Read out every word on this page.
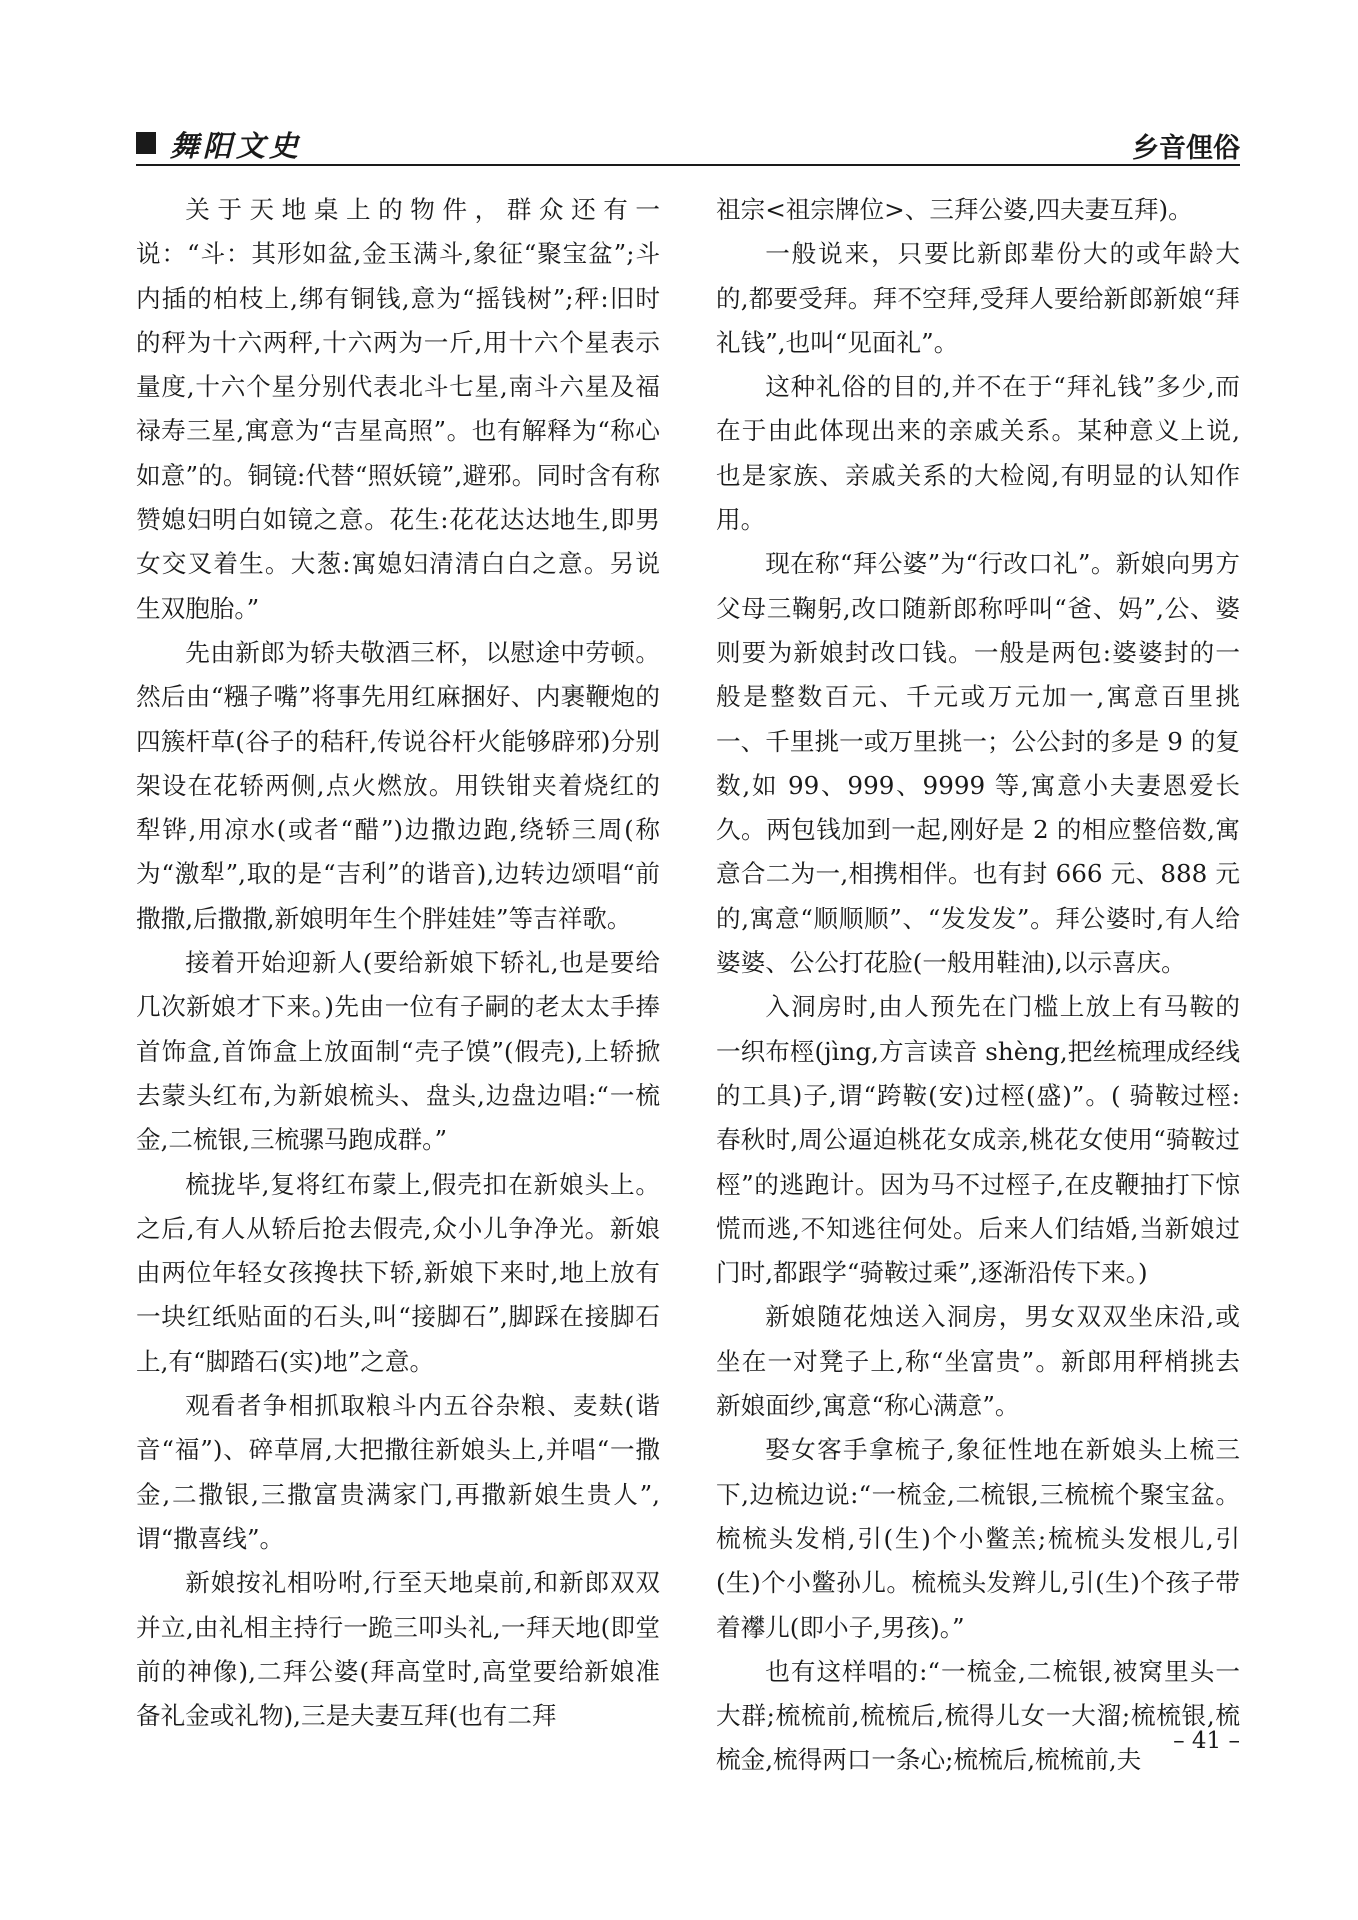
舞阳文史	乡音俚俗

关于天地桌上的物件，群众还有一说：“斗：其形如盆,金玉满斗,象征“聚宝盆”;斗内插的柏枝上,绑有铜钱,意为“摇钱树”;秤:旧时的秤为十六两秤,十六两为一斤,用十六个星表示量度,十六个星分别代表北斗七星,南斗六星及福禄寿三星,寓意为“吉星高照”。也有解释为“称心如意”的。铜镜:代替“照妖镜”,避邪。同时含有称赞媳妇明白如镜之意。花生:花花达达地生,即男女交叉着生。大葱:寓媳妇清清白白之意。另说生双胞胎。”

先由新郎为轿夫敬酒三杯，以慰途中劳顿。然后由“糨子嘴”将事先用红麻捆好、内裹鞭炮的四簇杆草(谷子的秸秆,传说谷杆火能够辟邪)分别架设在花轿两侧,点火燃放。用铁钳夹着烧红的犁铧,用凉水(或者“醋”)边撒边跑,绕轿三周(称为“激犁”,取的是“吉利”的谐音),边转边颂唱“前撒撒,后撒撒,新娘明年生个胖娃娃”等吉祥歌。

接着开始迎新人(要给新娘下轿礼,也是要给几次新娘才下来。)先由一位有子嗣的老太太手捧首饰盒,首饰盒上放面制“壳子馍”(假壳),上轿掀去蒙头红布,为新娘梳头、盘头,边盘边唱:“一梳金,二梳银,三梳骡马跑成群。”

梳拢毕,复将红布蒙上,假壳扣在新娘头上。之后,有人从轿后抢去假壳,众小儿争净光。新娘由两位年轻女孩搀扶下轿,新娘下来时,地上放有一块红纸贴面的石头,叫“接脚石”,脚踩在接脚石上,有“脚踏石(实)地”之意。

观看者争相抓取粮斗内五谷杂粮、麦麸(谐音“福”)、碎草屑,大把撒往新娘头上,并唱“一撒金,二撒银,三撒富贵满家门,再撒新娘生贵人”,谓“撒喜线”。

新娘按礼相吩咐,行至天地桌前,和新郎双双并立,由礼相主持行一跪三叩头礼,一拜天地(即堂前的神像),二拜公婆(拜高堂时,高堂要给新娘准备礼金或礼物),三是夫妻互拜(也有二拜

祖宗<祖宗牌位>、三拜公婆,四夫妻互拜)。

一般说来，只要比新郎辈份大的或年龄大的,都要受拜。拜不空拜,受拜人要给新郎新娘“拜礼钱”,也叫“见面礼”。

这种礼俗的目的,并不在于“拜礼钱”多少,而在于由此体现出来的亲戚关系。某种意义上说,也是家族、亲戚关系的大检阅,有明显的认知作用。

现在称“拜公婆”为“行改口礼”。新娘向男方父母三鞠躬,改口随新郎称呼叫“爸、妈”,公、婆则要为新娘封改口钱。一般是两包:婆婆封的一般是整数百元、千元或万元加一,寓意百里挑一、千里挑一或万里挑一；公公封的多是 9 的复数,如 99、999、9999 等,寓意小夫妻恩爱长久。两包钱加到一起,刚好是 2 的相应整倍数,寓意合二为一,相携相伴。也有封 666 元、888 元的,寓意“顺顺顺”、“发发发”。拜公婆时,有人给婆婆、公公打花脸(一般用鞋油),以示喜庆。

入洞房时,由人预先在门槛上放上有马鞍的一织布桱(jìng,方言读音 shèng,把丝梳理成经线的工具)子,谓“跨鞍(安)过桱(盛)”。( 骑鞍过桱:春秋时,周公逼迫桃花女成亲,桃花女使用“骑鞍过桱”的逃跑计。因为马不过桱子,在皮鞭抽打下惊慌而逃,不知逃往何处。后来人们结婚,当新娘过门时,都跟学“骑鞍过乘”,逐渐沿传下来。)

新娘随花烛送入洞房，男女双双坐床沿,或坐在一对凳子上,称“坐富贵”。新郎用秤梢挑去新娘面纱,寓意“称心满意”。

娶女客手拿梳子,象征性地在新娘头上梳三下,边梳边说:“一梳金,二梳银,三梳梳个聚宝盆。梳梳头发梢,引(生)个小鳖羔;梳梳头发根儿,引(生)个小鳖孙儿。梳梳头发辫儿,引(生)个孩子带着襻儿(即小子,男孩)。”

也有这样唱的:“一梳金,二梳银,被窝里头一大群;梳梳前,梳梳后,梳得儿女一大溜;梳梳银,梳梳金,梳得两口一条心;梳梳后,梳梳前,夫

– 41 –
